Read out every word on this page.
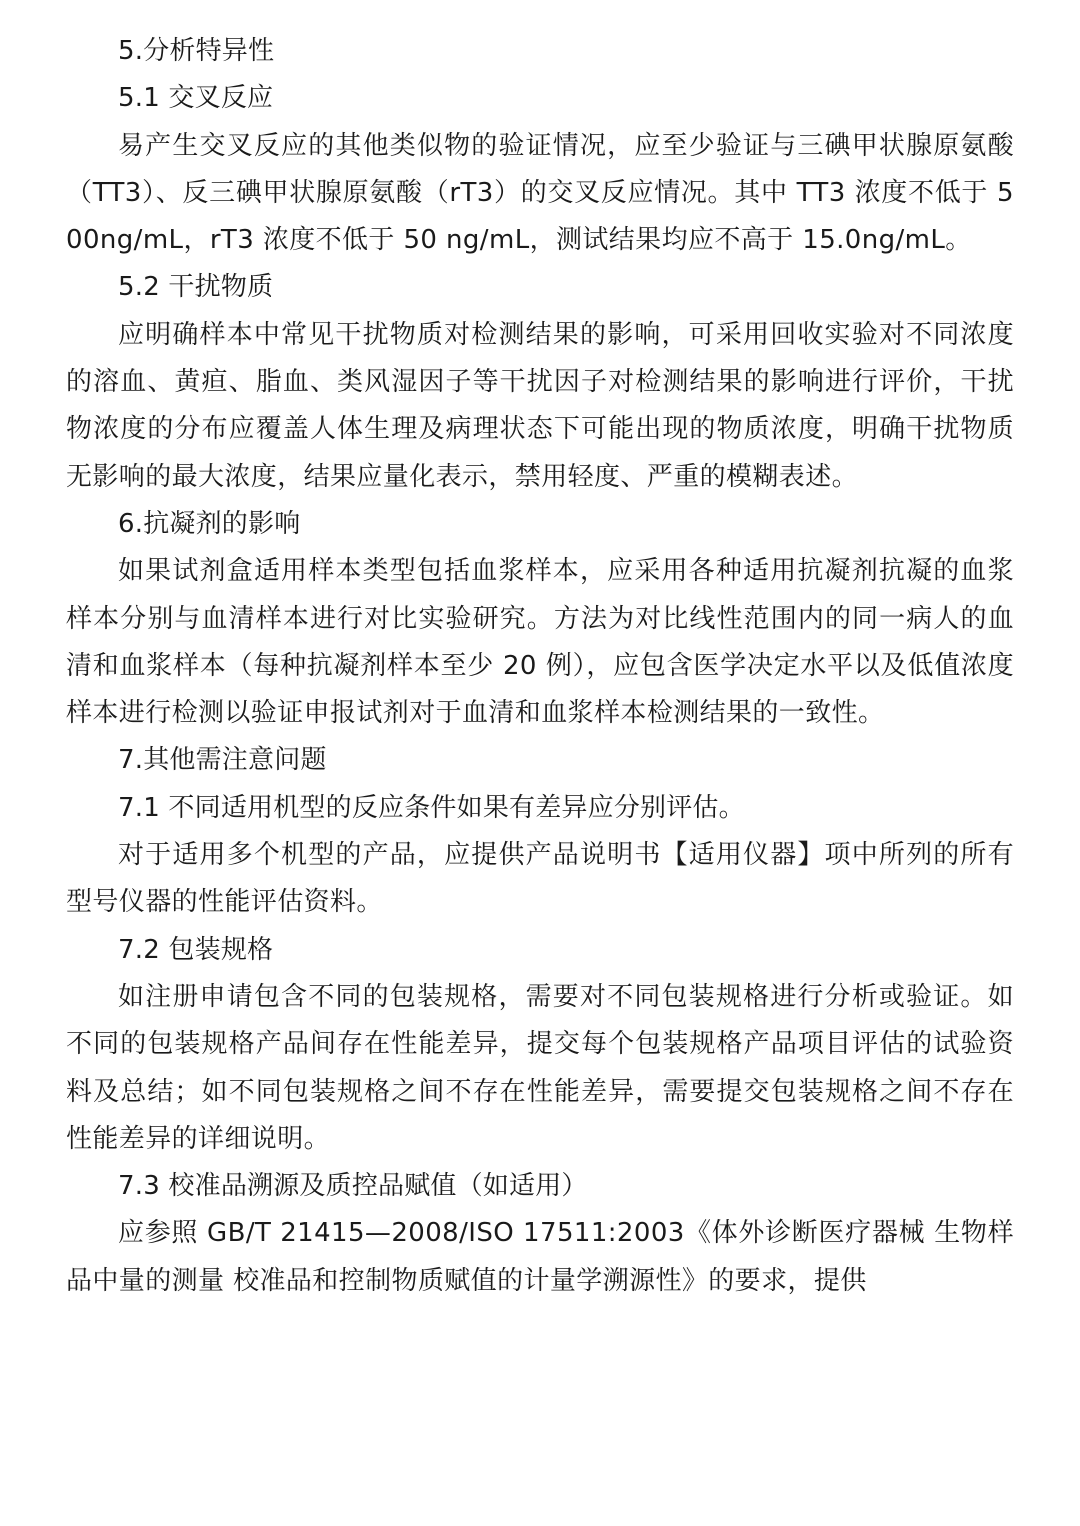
5.分析特异性

5.1 交叉反应

易产生交叉反应的其他类似物的验证情况，应至少验证与三碘甲状腺原氨酸（TT3）、反三碘甲状腺原氨酸（rT3）的交叉反应情况。其中 TT3 浓度不低于 500ng/mL，rT3 浓度不低于 50 ng/mL，测试结果均应不高于 15.0ng/mL。

5.2 干扰物质

应明确样本中常见干扰物质对检测结果的影响，可采用回收实验对不同浓度的溶血、黄疸、脂血、类风湿因子等干扰因子对检测结果的影响进行评价，干扰物浓度的分布应覆盖人体生理及病理状态下可能出现的物质浓度，明确干扰物质无影响的最大浓度，结果应量化表示，禁用轻度、严重的模糊表述。

6.抗凝剂的影响

如果试剂盒适用样本类型包括血浆样本，应采用各种适用抗凝剂抗凝的血浆样本分别与血清样本进行对比实验研究。方法为对比线性范围内的同一病人的血清和血浆样本（每种抗凝剂样本至少 20 例），应包含医学决定水平以及低值浓度样本进行检测以验证申报试剂对于血清和血浆样本检测结果的一致性。

7.其他需注意问题

7.1 不同适用机型的反应条件如果有差异应分别评估。

对于适用多个机型的产品，应提供产品说明书【适用仪器】项中所列的所有型号仪器的性能评估资料。

7.2 包装规格

如注册申请包含不同的包装规格，需要对不同包装规格进行分析或验证。如不同的包装规格产品间存在性能差异，提交每个包装规格产品项目评估的试验资料及总结；如不同包装规格之间不存在性能差异，需要提交包装规格之间不存在性能差异的详细说明。

7.3 校准品溯源及质控品赋值（如适用）

应参照 GB/T 21415—2008/ISO 17511:2003《体外诊断医疗器械 生物样品中量的测量 校准品和控制物质赋值的计量学溯源性》的要求，提供
